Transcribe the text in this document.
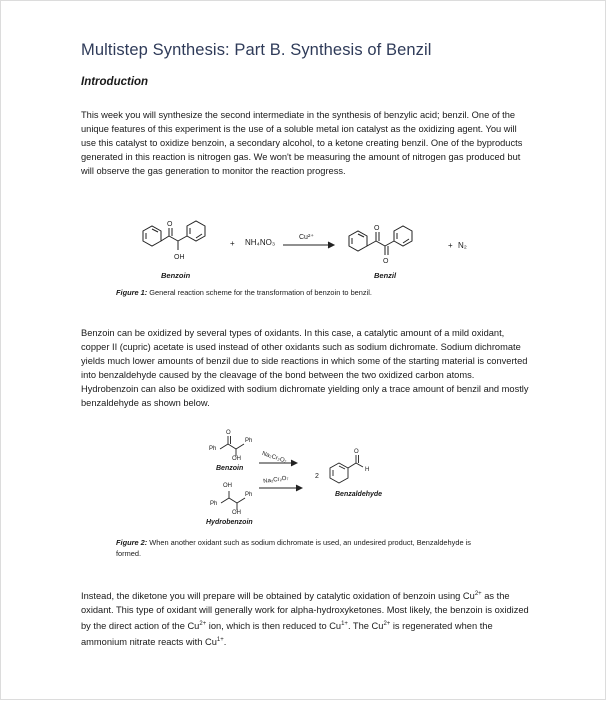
Multistep Synthesis: Part B. Synthesis of Benzil
Introduction

This week you will synthesize the second intermediate in the synthesis of benzylic acid; benzil. One of the unique features of this experiment is the use of a soluble metal ion catalyst as the oxidizing agent. You will use this catalyst to oxidize benzoin, a secondary alcohol, to a ketone creating benzil. One of the byproducts generated in this reaction is nitrogen gas. We won't be measuring the amount of nitrogen gas produced but will observe the gas generation to monitor the reaction progress.

O
OH
O
O
+ NH₄NO₃
Cu²⁺
+ N₂
Benzoin	Benzil
Figure 1: General reaction scheme for the transformation of benzoin to benzil.

Benzoin can be oxidized by several types of oxidants. In this case, a catalytic amount of a mild oxidant, copper II (cupric) acetate is used instead of other oxidants such as sodium dichromate. Sodium dichromate yields much lower amounts of benzil due to side reactions in which some of the starting material is converted into benzaldehyde caused by the cleavage of the bond between the two oxidized carbon atoms. Hydrobenzoin can also be oxidized with sodium dichromate yielding only a trace amount of benzil and mostly benzaldehyde as shown below.

O
O
Ph
Ph
OH
Benzoin
Na₂Cr₂O₇
OH
Ph
Ph
OH
Hydrobenzoin
Na₂Cr₂O₇	2
H
Benzaldehyde
Figure 2: When another oxidant such as sodium dichromate is used, an undesired product, Benzaldehyde is formed.

Instead, the diketone you will prepare will be obtained by catalytic oxidation of benzoin using $Cu^{2+}$ as the oxidant. This type of oxidant will generally work for alpha-hydroxyketones. Most likely, the benzoin is oxidized by the direct action of the $Cu^{2+}$ ion, which is then reduced to $Cu^{1+}$. The $Cu^{2+}$ is regenerated when the ammonium nitrate reacts with $Cu^{1+}$.
